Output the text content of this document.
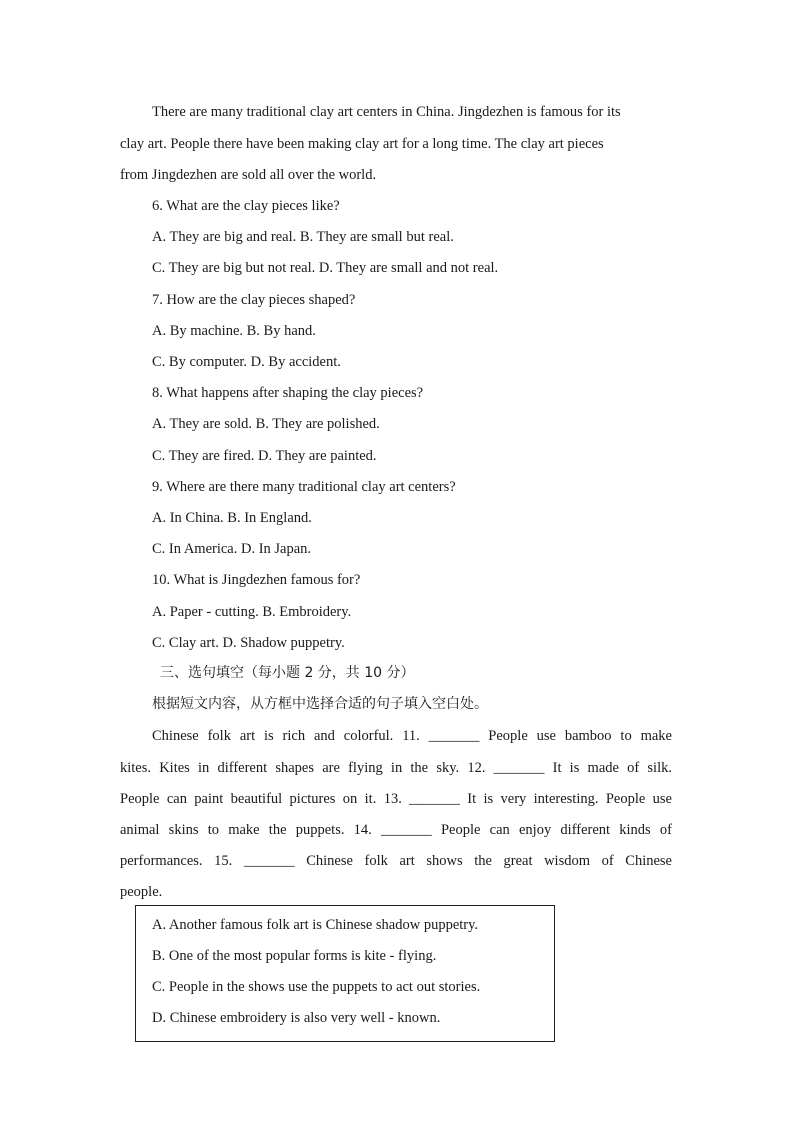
There are many traditional clay art centers in China. Jingdezhen is famous for its
clay art. People there have been making clay art for a long time. The clay art pieces
from Jingdezhen are sold all over the world.
6. What are the clay pieces like?
A. They are big and real. B. They are small but real.
C. They are big but not real. D. They are small and not real.
7. How are the clay pieces shaped?
A. By machine. B. By hand.
C. By computer. D. By accident.
8. What happens after shaping the clay pieces?
A. They are sold. B. They are polished.
C. They are fired. D. They are painted.
9. Where are there many traditional clay art centers?
A. In China. B. In England.
C. In America. D. In Japan.
10. What is Jingdezhen famous for?
A. Paper - cutting. B. Embroidery.
C. Clay art. D. Shadow puppetry.
三、选句填空（每小题 2 分，共 10 分）
根据短文内容，从方框中选择合适的句子填入空白处。
Chinese folk art is rich and colorful. 11. _______ People use bamboo to make
kites. Kites in different shapes are flying in the sky. 12. _______ It is made of silk.
People can paint beautiful pictures on it. 13. _______ It is very interesting. People use
animal skins to make the puppets. 14. _______ People can enjoy different kinds of
performances. 15. _______ Chinese folk art shows the great wisdom of Chinese
people.
A. Another famous folk art is Chinese shadow puppetry.
B. One of the most popular forms is kite - flying.
C. People in the shows use the puppets to act out stories.
D. Chinese embroidery is also very well - known.
